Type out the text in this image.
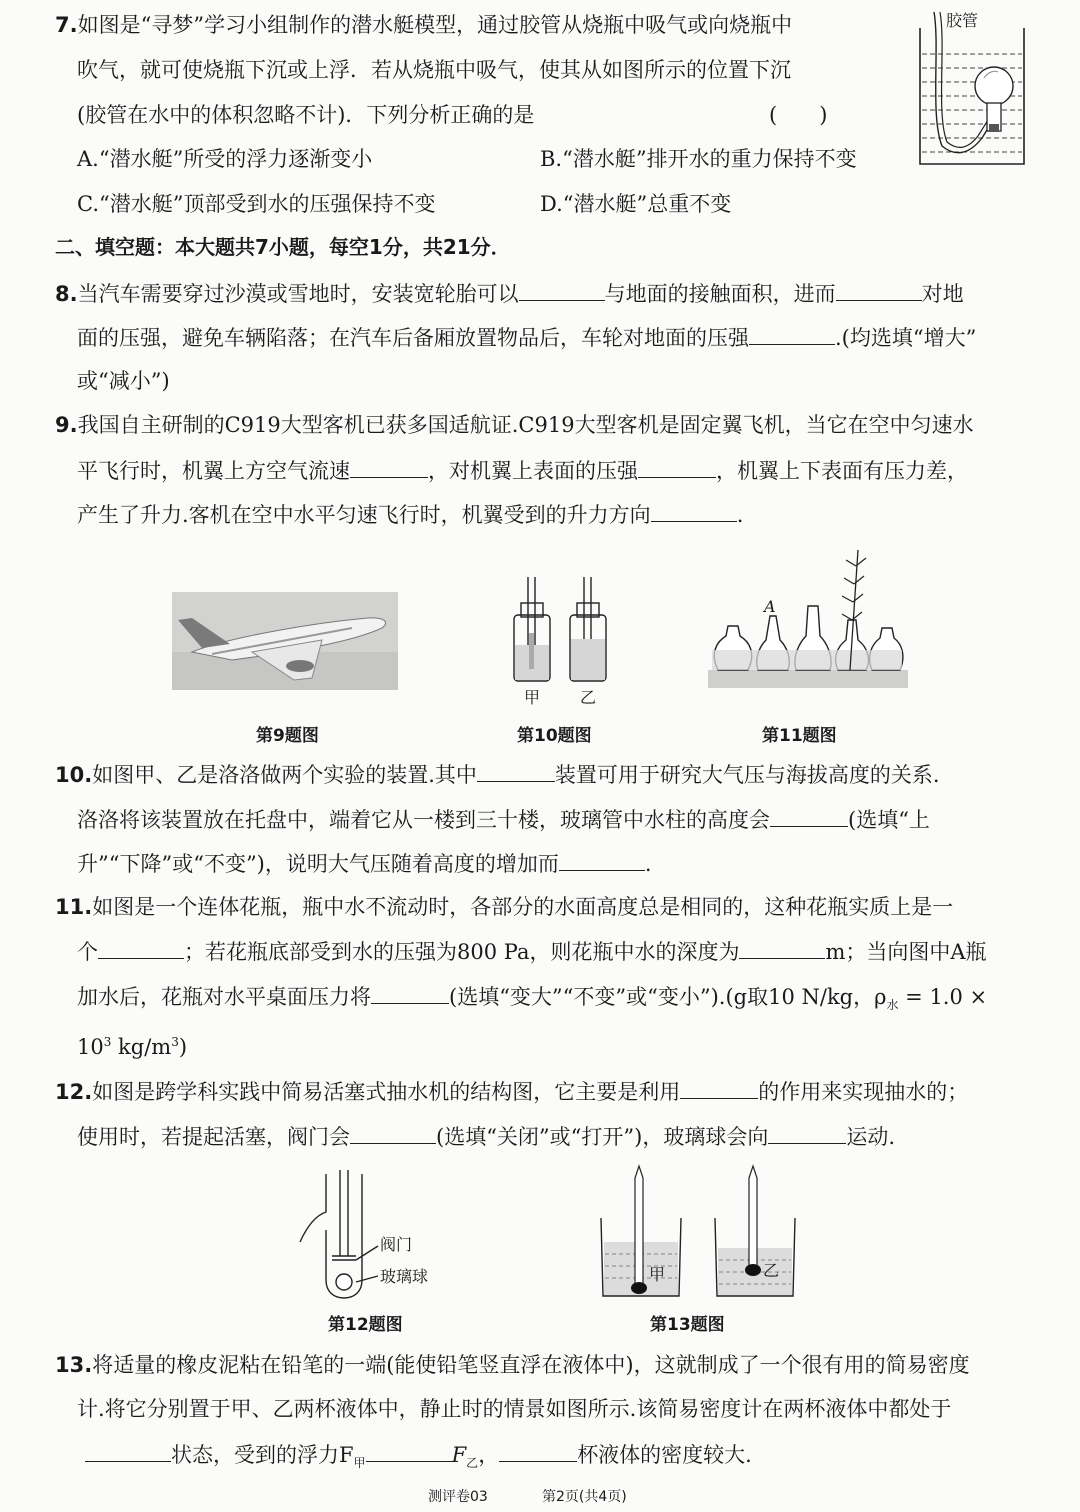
7.如图是“寻梦”学习小组制作的潜水艇模型，通过胶管从烧瓶中吸气或向烧瓶中
吹气，就可使烧瓶下沉或上浮．若从烧瓶中吸气，使其从如图所示的位置下沉
(胶管在水中的体积忽略不计)．下列分析正确的是	(　　)
A.“潜水艇”所受的浮力逐渐变小	B.“潜水艇”排开水的重力保持不变
C.“潜水艇”顶部受到水的压强保持不变	D.“潜水艇”总重不变
胶管
二、填空题：本大题共7小题，每空1分，共21分．
8.当汽车需要穿过沙漠或雪地时，安装宽轮胎可以	与地面的接触面积，进而	对地
面的压强，避免车辆陷落；在汽车后备厢放置物品后，车轮对地面的压强	.(均选填“增大”
或“减小”)
9.我国自主研制的C919大型客机已获多国适航证.C919大型客机是固定翼飞机，当它在空中匀速水
平飞行时，机翼上方空气流速	，对机翼上表面的压强	，机翼上下表面有压力差，
产生了升力.客机在空中水平匀速飞行时，机翼受到的升力方向	.
第9题图
甲 乙
第10题图
A
第11题图
10.如图甲、乙是洛洛做两个实验的装置.其中	装置可用于研究大气压与海拔高度的关系.
洛洛将该装置放在托盘中，端着它从一楼到三十楼，玻璃管中水柱的高度会	(选填“上
升”“下降”或“不变”)，说明大气压随着高度的增加而	.
11.如图是一个连体花瓶，瓶中水不流动时，各部分的水面高度总是相同的，这种花瓶实质上是一
个	；若花瓶底部受到水的压强为800 Pa，则花瓶中水的深度为	m；当向图中A瓶
加水后，花瓶对水平桌面压力将	(选填“变大”“不变”或“变小”).(g取10 N/kg，$\rho_水 = 1.0$ ×
$10^3$ $kg/m^3$)
12.如图是跨学科实践中简易活塞式抽水机的结构图，它主要是利用	的作用来实现抽水的；
使用时，若提起活塞，阀门会	(选填“关闭”或“打开”)，玻璃球会向	运动.
阀门
玻璃球
第12题图
甲	乙
第13题图
13.将适量的橡皮泥粘在铅笔的一端(能使铅笔竖直浮在液体中)，这就制成了一个很有用的简易密度
计.将它分别置于甲、乙两杯液体中，静止时的情景如图所示.该简易密度计在两杯液体中都处于
状态，受到的浮力$F_甲$	$F_乙$，	杯液体的密度较大.
测评卷03	第2页(共4页)
